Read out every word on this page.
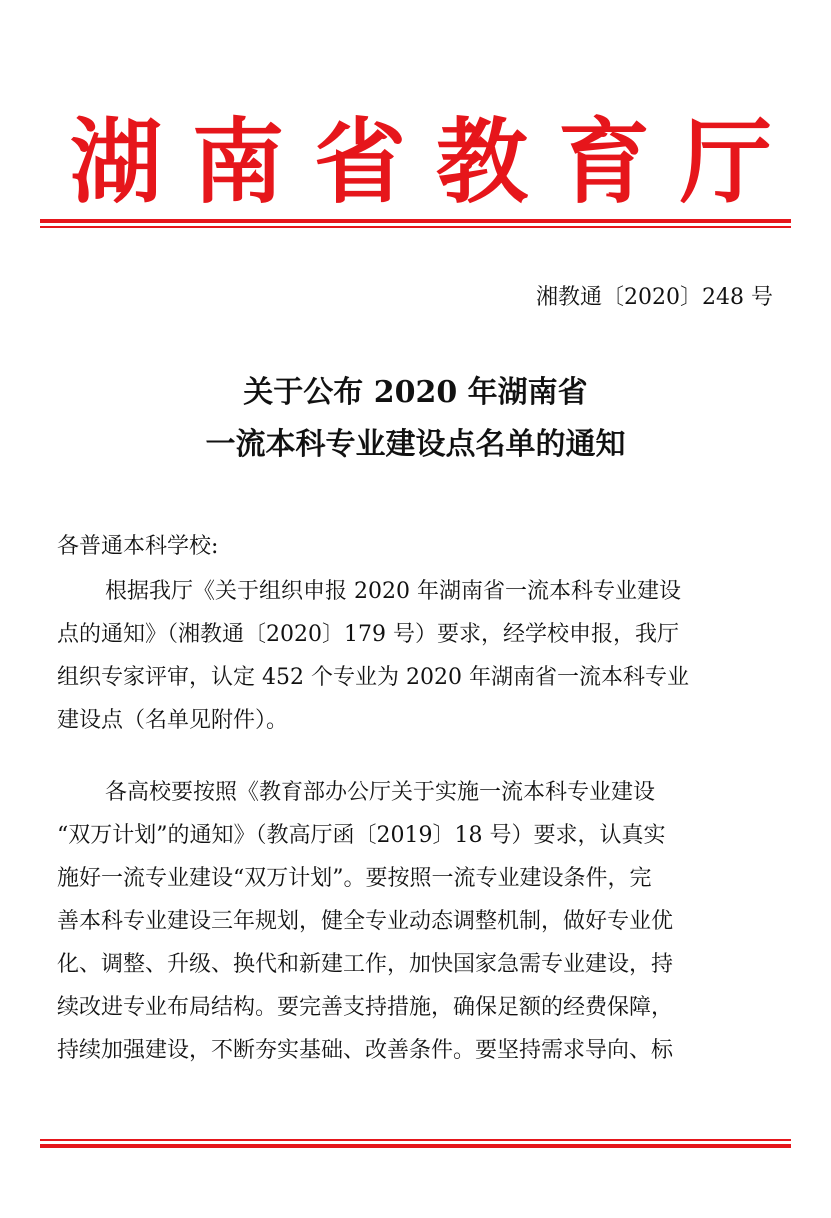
湖南省教育厅
湘教通〔2020〕248 号
关于公布 2020 年湖南省
一流本科专业建设点名单的通知
各普通本科学校:
根据我厅《关于组织申报 2020 年湖南省一流本科专业建设
点的通知》（湘教通〔2020〕179 号）要求，经学校申报，我厅
组织专家评审，认定 452 个专业为 2020 年湖南省一流本科专业
建设点（名单见附件）。
各高校要按照《教育部办公厅关于实施一流本科专业建设
“双万计划”的通知》（教高厅函〔2019〕18 号）要求，认真实
施好一流专业建设“双万计划”。要按照一流专业建设条件，完
善本科专业建设三年规划，健全专业动态调整机制，做好专业优
化、调整、升级、换代和新建工作，加快国家急需专业建设，持
续改进专业布局结构。要完善支持措施，确保足额的经费保障，
持续加强建设，不断夯实基础、改善条件。要坚持需求导向、标
